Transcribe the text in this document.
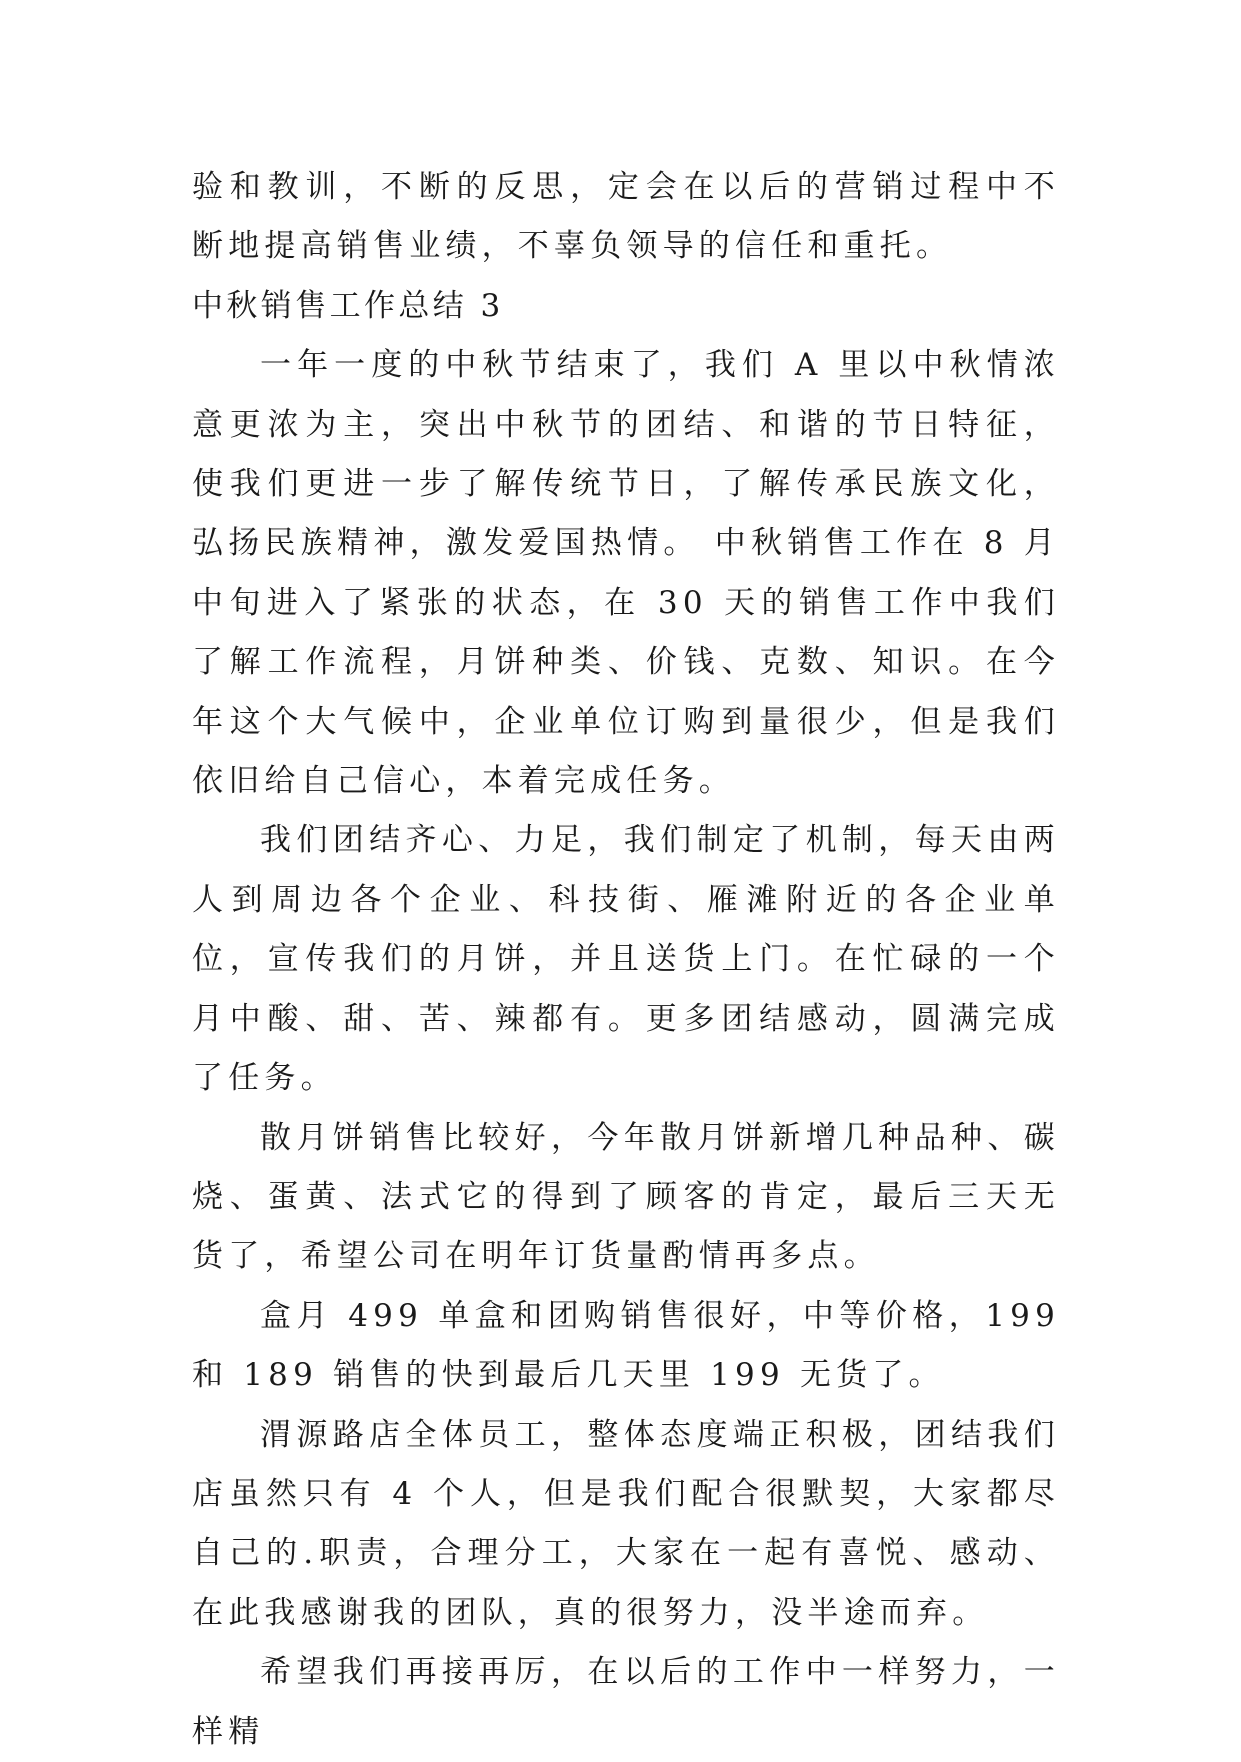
验和教训，不断的反思，定会在以后的营销过程中不断地提高销售业绩，不辜负领导的信任和重托。

中秋销售工作总结 3

一年一度的中秋节结束了，我们 A 里以中秋情浓意更浓为主，突出中秋节的团结、和谐的节日特征，使我们更进一步了解传统节日，了解传承民族文化，弘扬民族精神，激发爱国热情。 中秋销售工作在 8 月中旬进入了紧张的状态，在 30 天的销售工作中我们了解工作流程，月饼种类、价钱、克数、知识。在今年这个大气候中，企业单位订购到量很少，但是我们依旧给自己信心，本着完成任务。

我们团结齐心、力足，我们制定了机制，每天由两人到周边各个企业、科技街、雁滩附近的各企业单位，宣传我们的月饼，并且送货上门。在忙碌的一个月中酸、甜、苦、辣都有。更多团结感动，圆满完成了任务。

散月饼销售比较好，今年散月饼新增几种品种、碳烧、蛋黄、法式它的得到了顾客的肯定，最后三天无货了，希望公司在明年订货量酌情再多点。

盒月 499 单盒和团购销售很好，中等价格，199 和 189 销售的快到最后几天里 199 无货了。

渭源路店全体员工，整体态度端正积极，团结我们店虽然只有 4 个人，但是我们配合很默契，大家都尽自己的.职责，合理分工，大家在一起有喜悦、感动、在此我感谢我的团队，真的很努力，没半途而弃。

希望我们再接再厉，在以后的工作中一样努力，一样精
